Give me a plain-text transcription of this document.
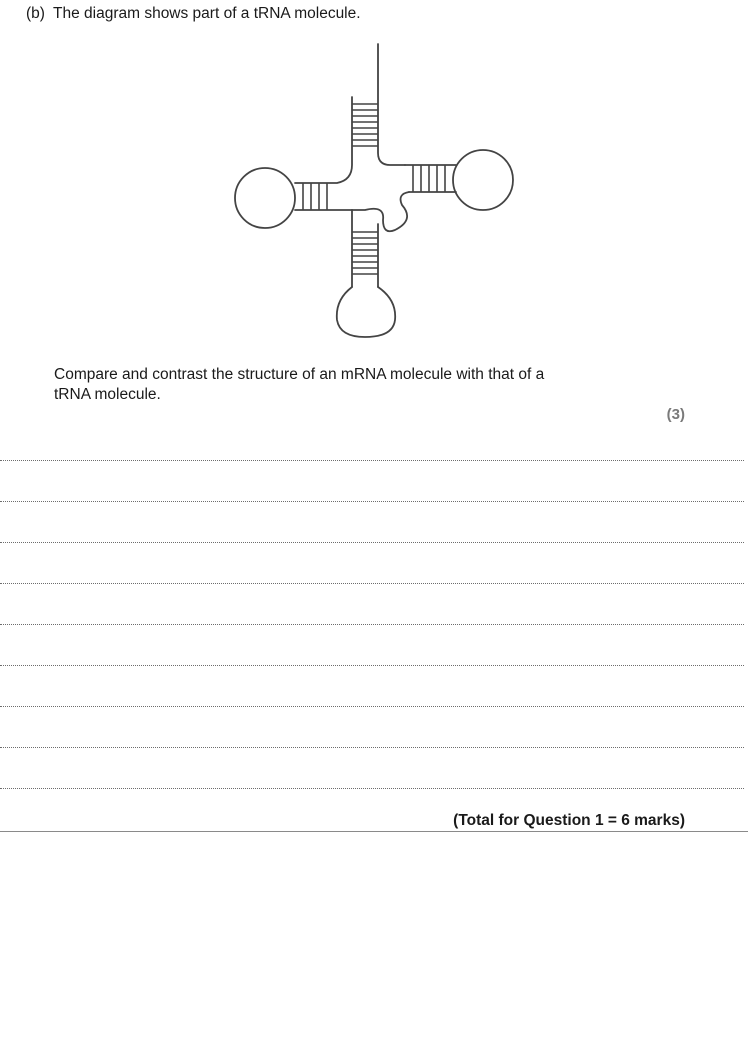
(b) The diagram shows part of a tRNA molecule.
Compare and contrast the structure of an mRNA molecule with that of a
tRNA molecule.
(3)
(Total for Question 1 = 6 marks)
